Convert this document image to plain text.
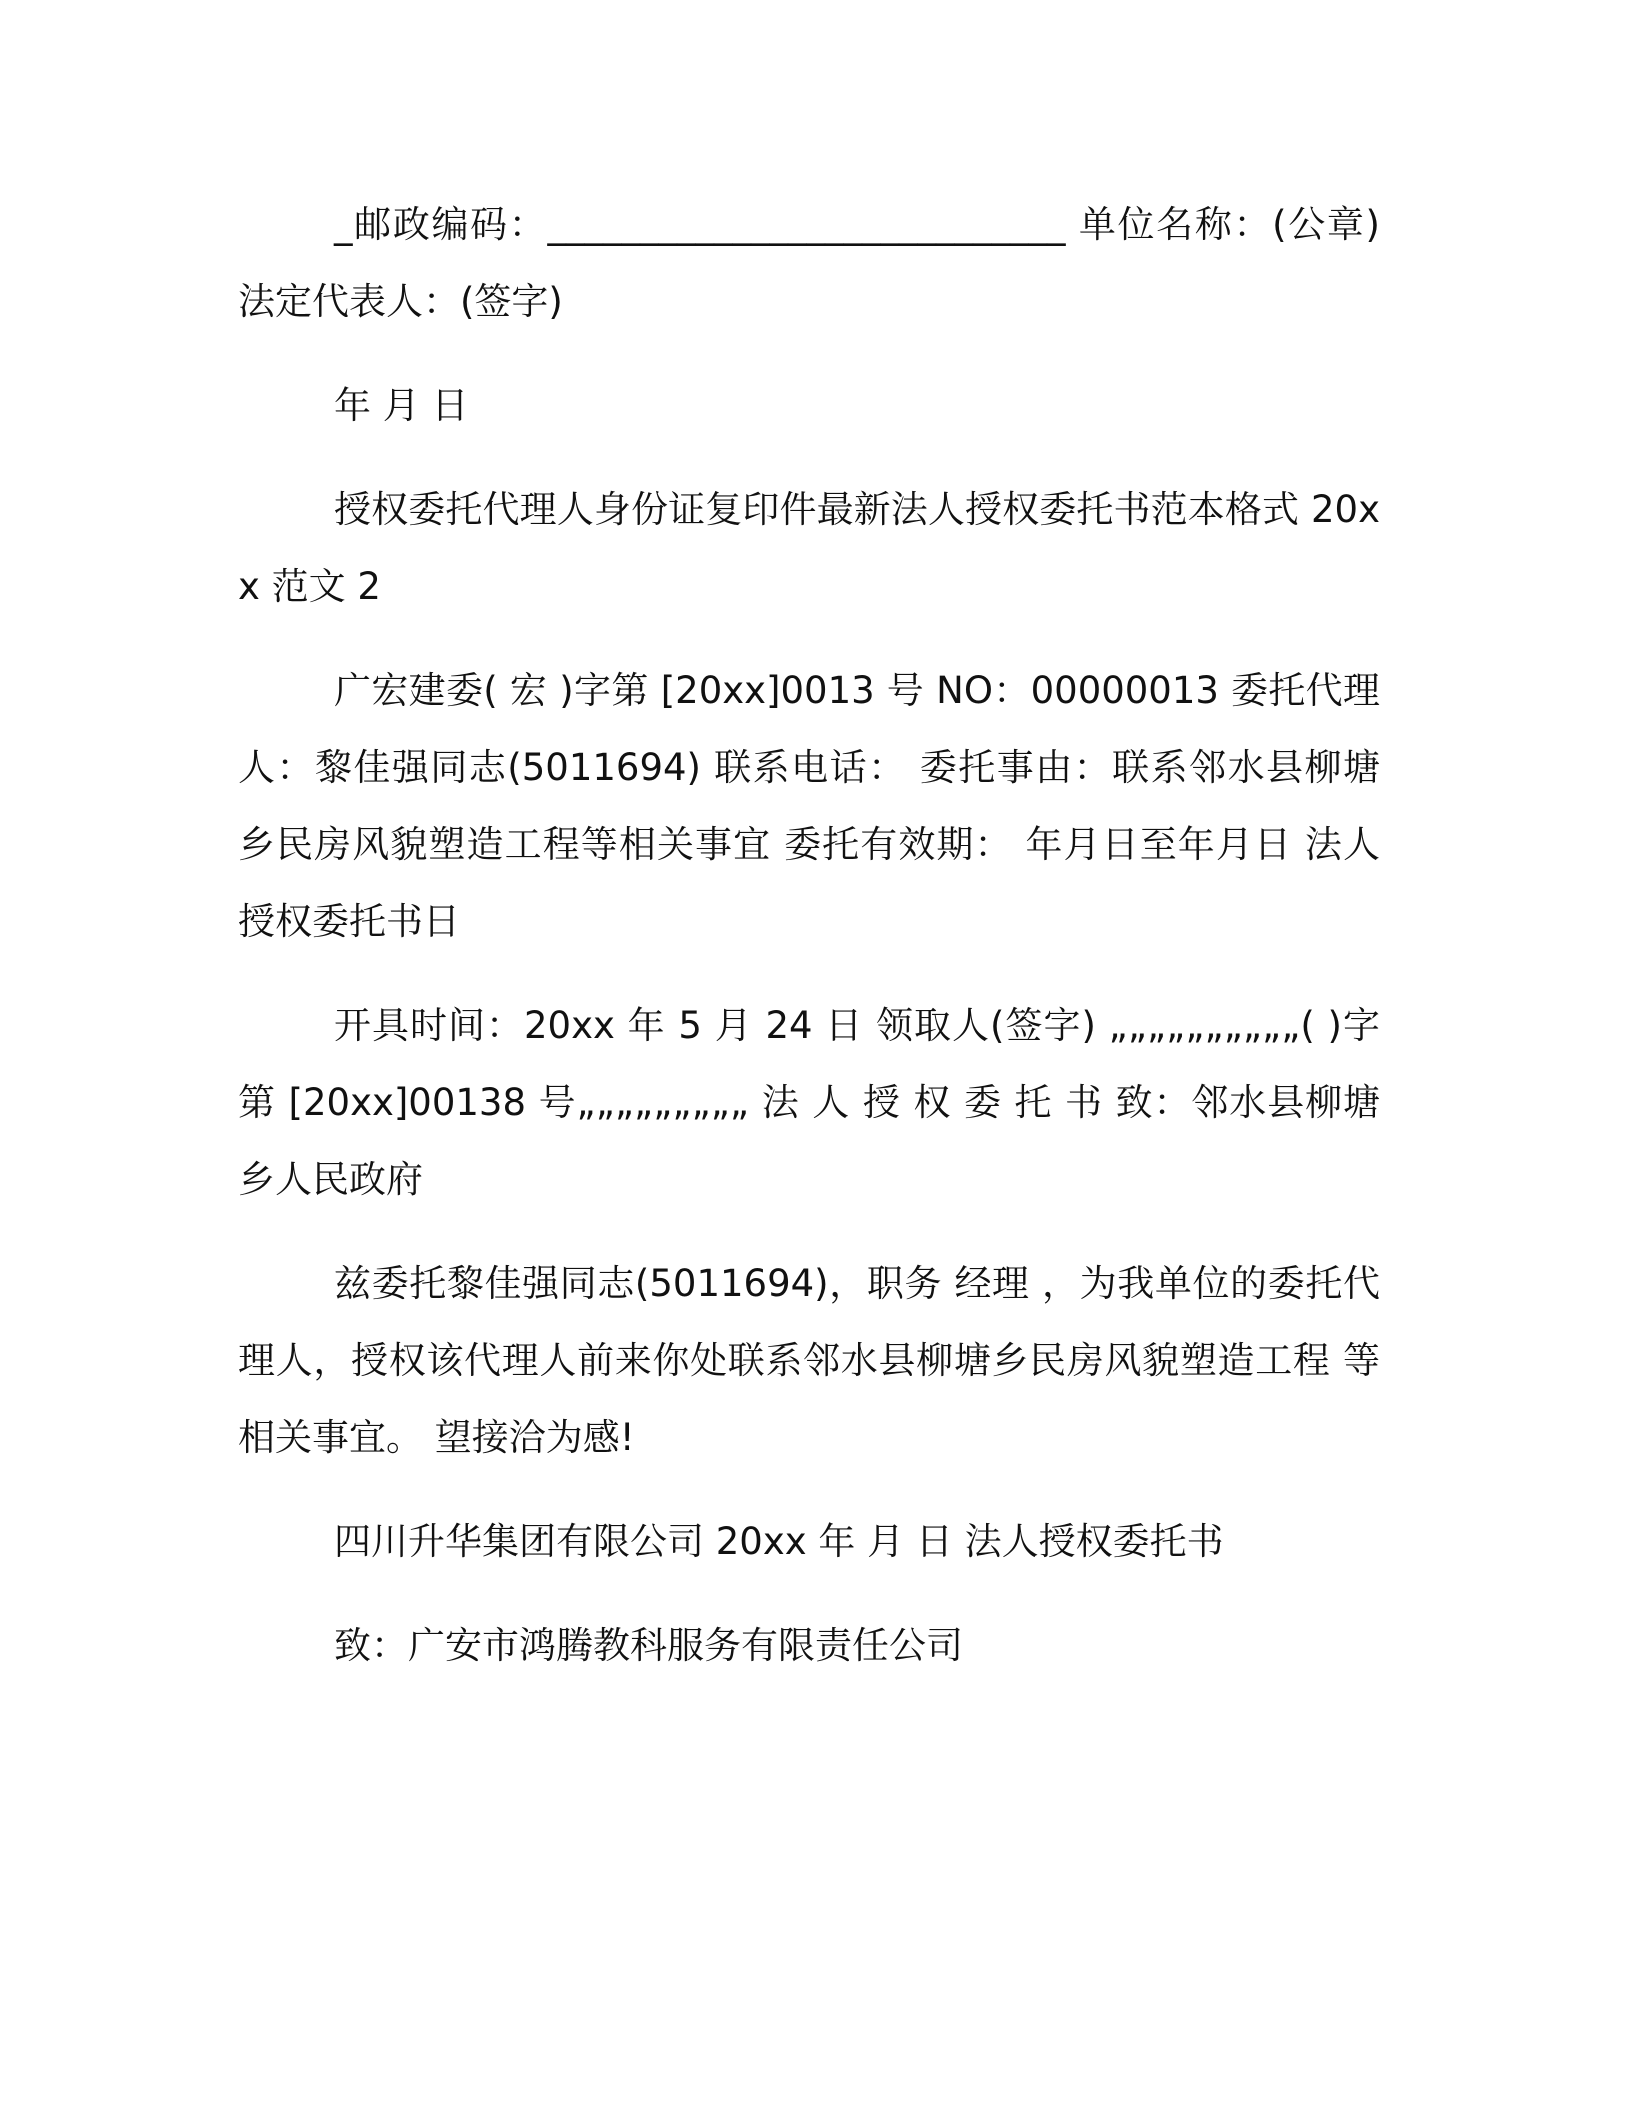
_邮政编码：____________________________ 单位名称：(公章) 法定代表人：(签字)

年 月 日

授权委托代理人身份证复印件最新法人授权委托书范本格式 20xx 范文 2

广宏建委( 宏 )字第 [20xx]0013 号 NO：00000013 委托代理人：黎佳强同志(5011694) 联系电话： 委托事由：联系邻水县柳塘乡民房风貌塑造工程等相关事宜 委托有效期： 年月日至年月日 法人授权委托书日

开具时间：20xx 年 5 月 24 日 领取人(签字) „„„„„„„„„„( )字第 [20xx]00138 号„„„„„„„„„ 法 人 授 权 委 托 书 致：邻水县柳塘乡人民政府

兹委托黎佳强同志(5011694)，职务 经理 ，为我单位的委托代理人，授权该代理人前来你处联系邻水县柳塘乡民房风貌塑造工程 等相关事宜。 望接洽为感!

四川升华集团有限公司 20xx 年 月 日 法人授权委托书

致：广安市鸿腾教科服务有限责任公司
